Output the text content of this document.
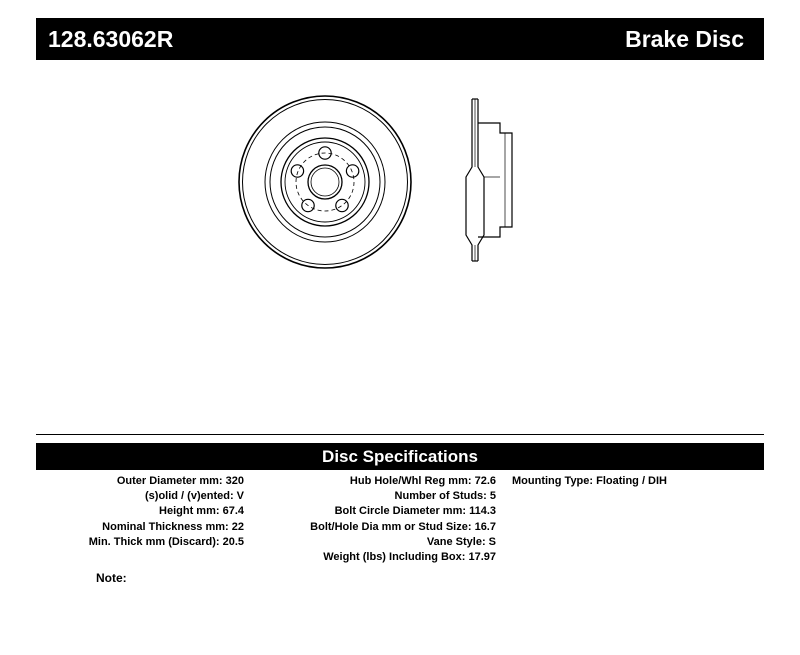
128.63062R	Brake Disc
Disc Specifications
Outer Diameter mm: 320
(s)olid / (v)ented: V
Height mm: 67.4
Nominal Thickness mm: 22
Min. Thick mm (Discard): 20.5
Hub Hole/Whl Reg mm: 72.6
Number of Studs: 5
Bolt Circle Diameter mm: 114.3
Bolt/Hole Dia mm or Stud Size: 16.7
Vane Style: S
Weight (lbs) Including Box: 17.97
Mounting Type: Floating / DIH
Note:
